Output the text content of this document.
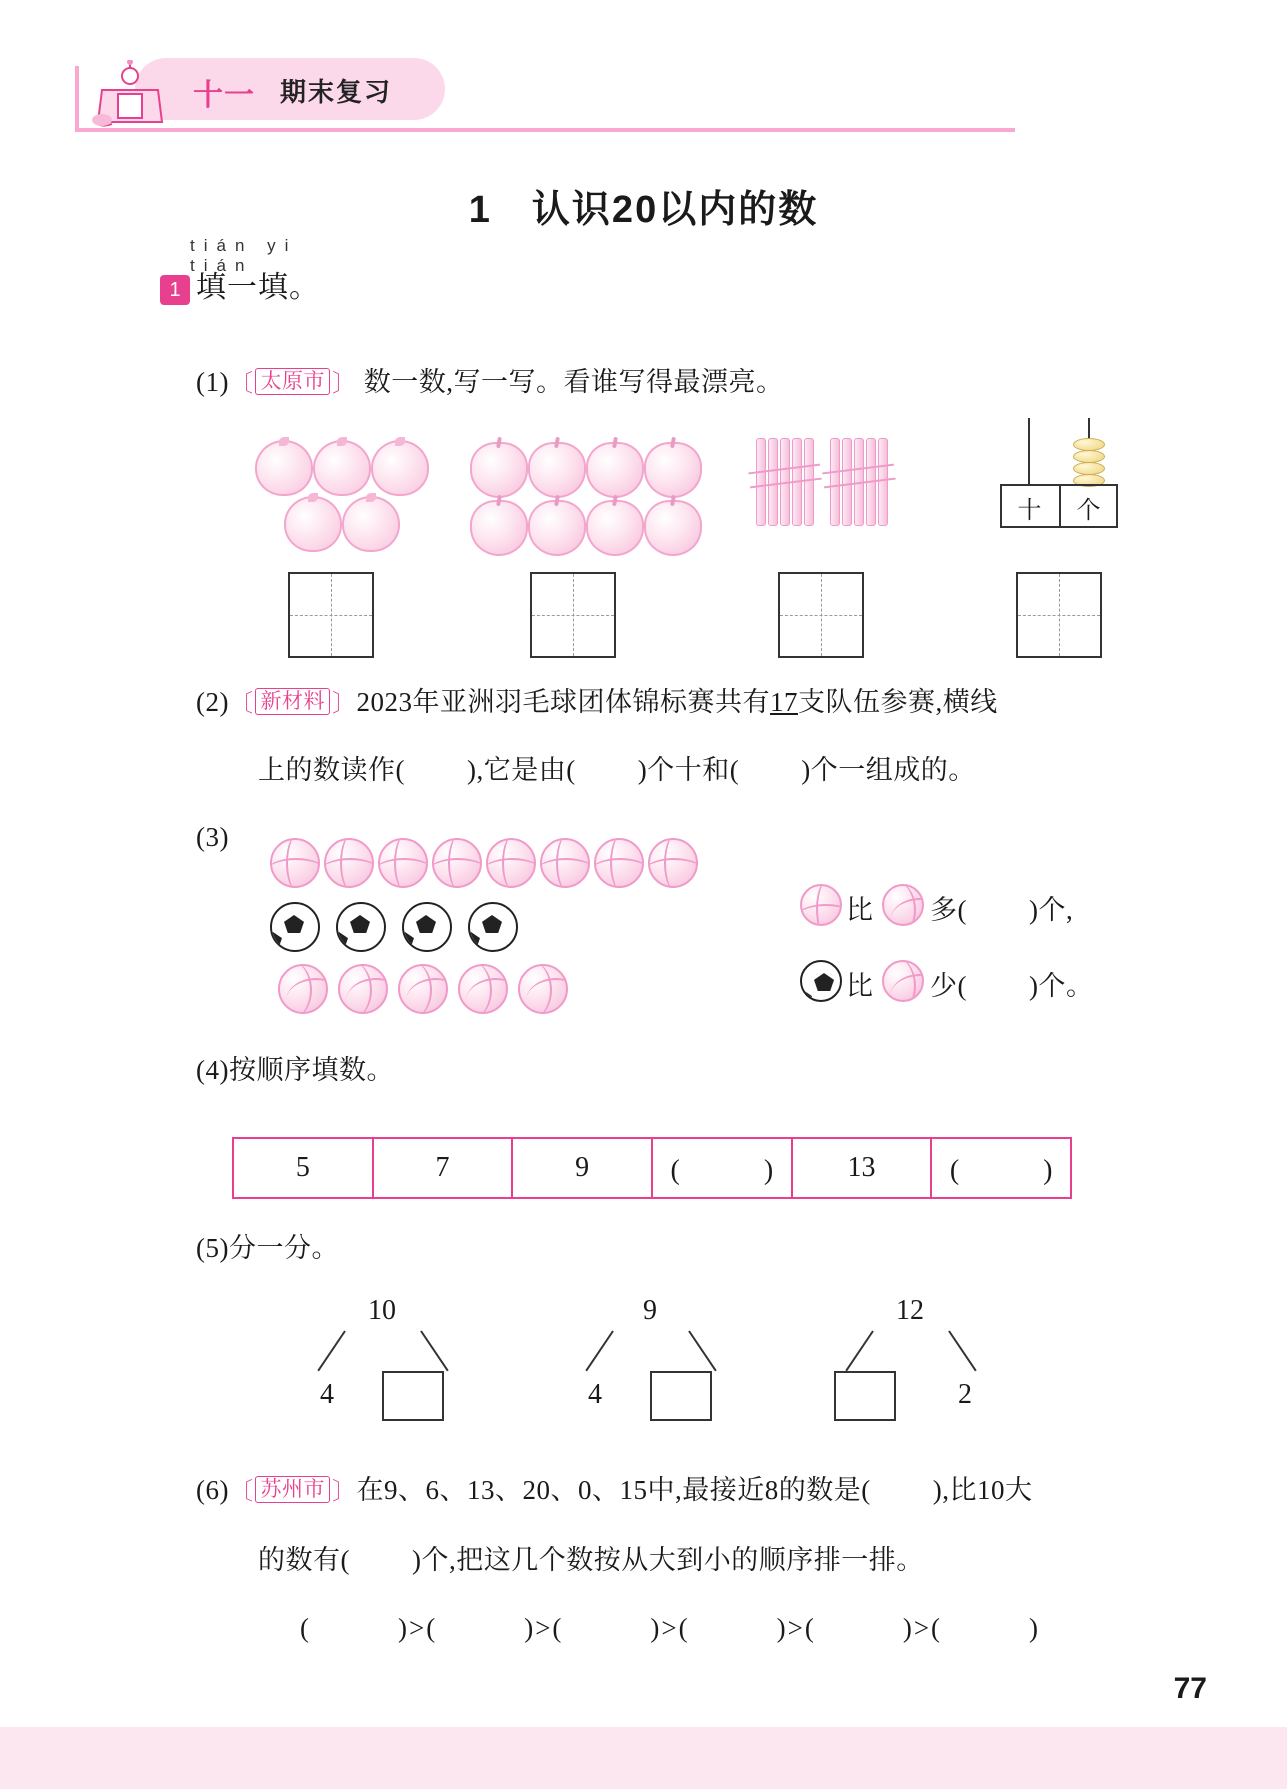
十一 期末复习
1　认识20以内的数
tián yi tián
1 填一填。
(1)〔 太原市 〕 数一数,写一写。看谁写得最漂亮。
十	个
(2)〔 新材料 〕2023年亚洲羽毛球团体锦标赛共有17支队伍参赛,横线
上的数读作( ),它是由( )个十和( )个一组成的。
(3)
比 多( )个,
比 少( )个。
(4)按顺序填数。
5	7	9	(　　　)	13	(　　　)
(5)分一分。
10
4
9
4
12
2
(6)〔 苏州市 〕在9、6、13、20、0、15中,最接近8的数是( ),比10大
的数有( )个,把这几个数按从大到小的顺序排一排。
(　　　)>(　　　)>(　　　)>(　　　)>(　　　)>(　　　)
77
